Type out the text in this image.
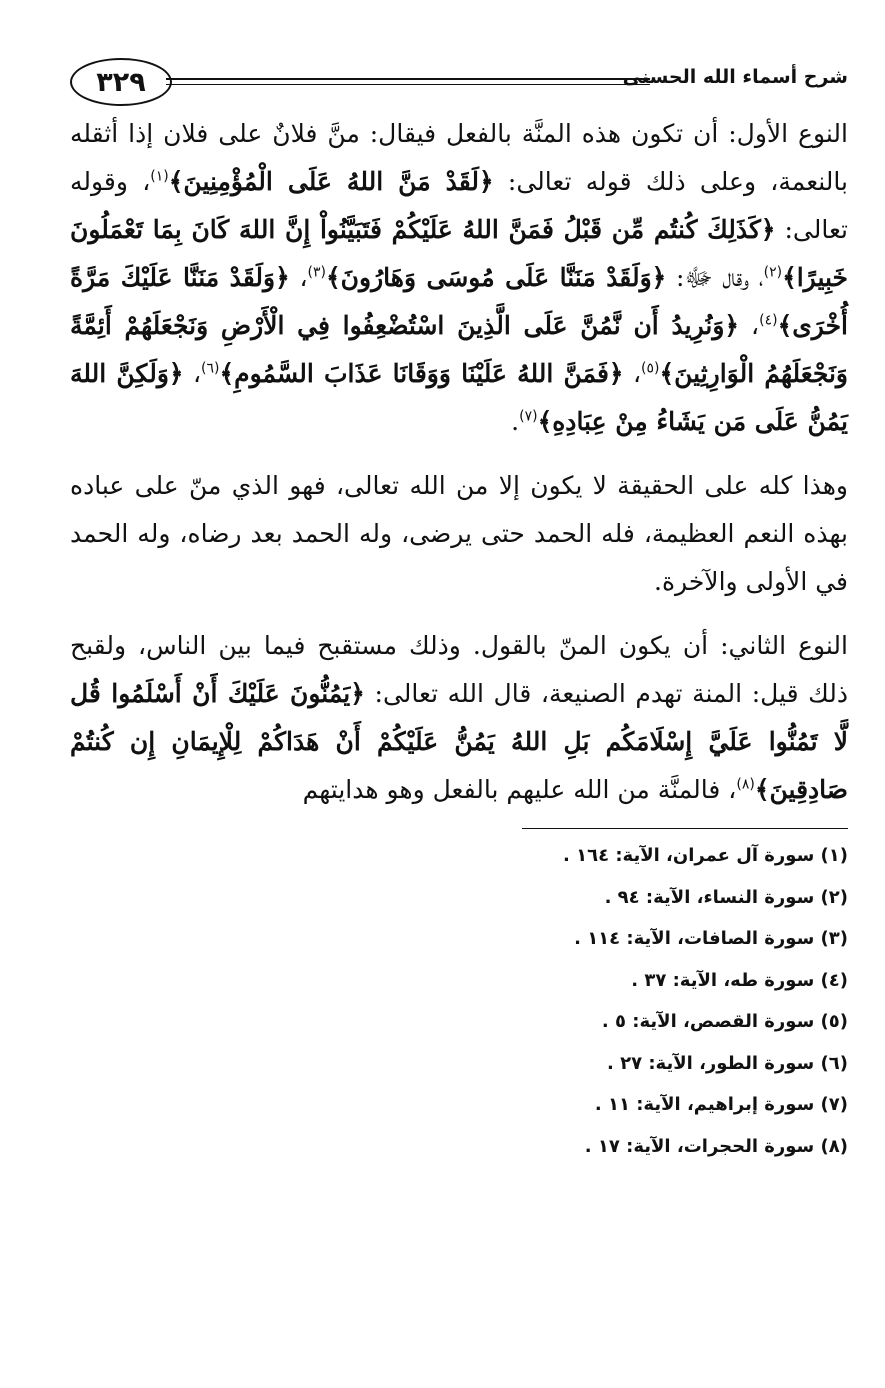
شرح أسماء الله الحسنى
٣٢٩

النوع الأول: أن تكون هذه المنَّة بالفعل فيقال: منَّ فلانٌ على فلان إذا أثقله بالنعمة، وعلى ذلك قوله تعالى: ﴿لَقَدْ مَنَّ اللهُ عَلَى الْمُؤْمِنِينَ﴾$^{(١)}$، وقوله تعالى: ﴿كَذَلِكَ كُنتُم مِّن قَبْلُ فَمَنَّ اللهُ عَلَيْكُمْ فَتَبَيَّنُواْ إِنَّ اللهَ كَانَ بِمَا تَعْمَلُونَ خَبِيرًا﴾$^{(٢)}$، وقال ﷻ: ﴿وَلَقَدْ مَنَنَّا عَلَى مُوسَى وَهَارُونَ﴾$^{(٣)}$، ﴿وَلَقَدْ مَنَنَّا عَلَيْكَ مَرَّةً أُخْرَى﴾$^{(٤)}$، ﴿وَنُرِيدُ أَن نَّمُنَّ عَلَى الَّذِينَ اسْتُضْعِفُوا فِي الْأَرْضِ وَنَجْعَلَهُمْ أَئِمَّةً وَنَجْعَلَهُمُ الْوَارِثِينَ﴾$^{(٥)}$، ﴿فَمَنَّ اللهُ عَلَيْنَا وَوَقَانَا عَذَابَ السَّمُومِ﴾$^{(٦)}$، ﴿وَلَكِنَّ اللهَ يَمُنُّ عَلَى مَن يَشَاءُ مِنْ عِبَادِهِ﴾$^{(٧)}$.

وهذا كله على الحقيقة لا يكون إلا من الله تعالى، فهو الذي منّ على عباده بهذه النعم العظيمة، فله الحمد حتى يرضى، وله الحمد بعد رضاه، وله الحمد في الأولى والآخرة.

النوع الثاني: أن يكون المنّ بالقول. وذلك مستقبح فيما بين الناس، ولقبح ذلك قيل: المنة تهدم الصنيعة، قال الله تعالى: ﴿يَمُنُّونَ عَلَيْكَ أَنْ أَسْلَمُوا قُل لَّا تَمُنُّوا عَلَيَّ إِسْلَامَكُم بَلِ اللهُ يَمُنُّ عَلَيْكُمْ أَنْ هَدَاكُمْ لِلْإِيمَانِ إِن كُنتُمْ صَادِقِينَ﴾$^{(٨)}$، فالمنَّة من الله عليهم بالفعل وهو هدايتهم

(١) سورة آل عمران، الآية: ١٦٤ .
(٢) سورة النساء، الآية: ٩٤ .
(٣) سورة الصافات، الآية: ١١٤ .
(٤) سورة طه، الآية: ٣٧ .
(٥) سورة القصص، الآية: ٥ .
(٦) سورة الطور، الآية: ٢٧ .
(٧) سورة إبراهيم، الآية: ١١ .
(٨) سورة الحجرات، الآية: ١٧ .
